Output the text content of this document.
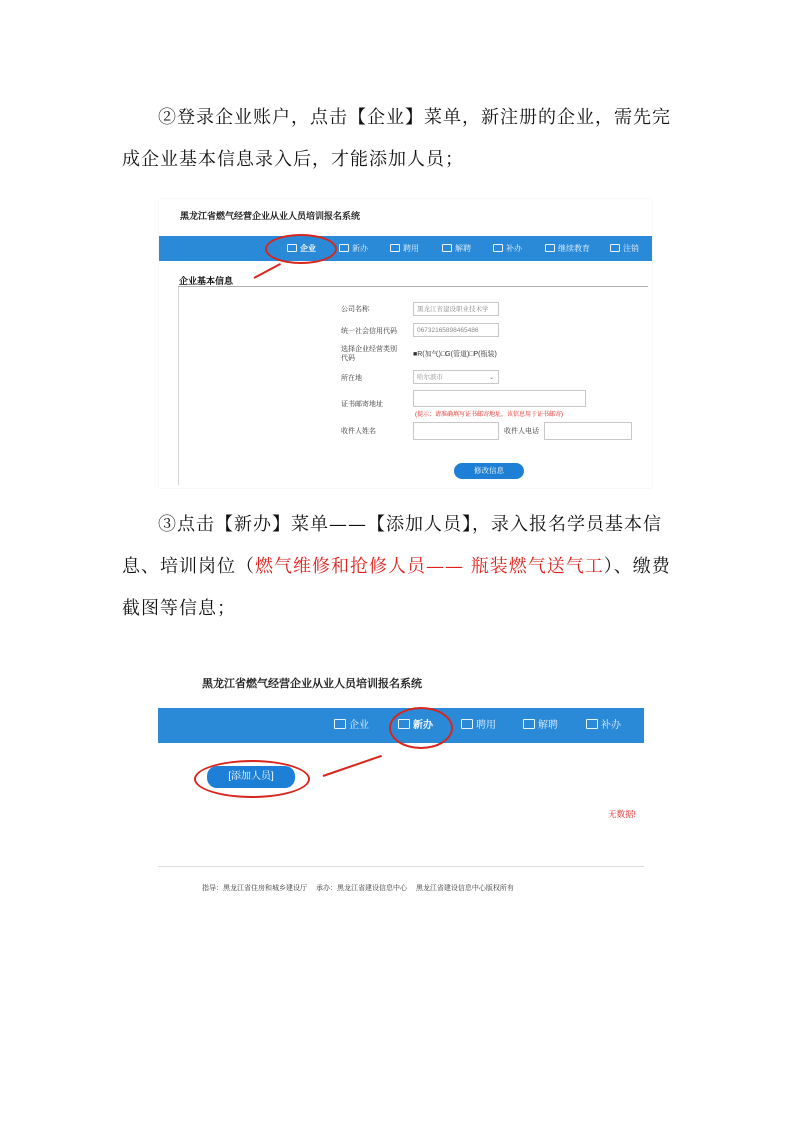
②登录企业账户，点击【企业】菜单，新注册的企业，需先完
成企业基本信息录入后，才能添加人员；
黑龙江省燃气经营企业从业人员培训报名系统
企业	新办	聘用	解聘	补办	继续教育	注销
企业基本信息
公司名称	黑龙江省建设职业技术学
统一社会信用代码	0673216589846548​6
选择企业经营类别
代码
■R(加气)□G(管道)□P(瓶装)
所在地	哈尔滨市	⌄
证书邮寄地址
(提示：请准确填写证书邮寄地址，该信息用于证书邮寄)
收件人姓名	收件人电话
修改信息
③点击【新办】菜单——【添加人员】，录入报名学员基本信
息、培训岗位（燃气维修和抢修人员—— 瓶装燃气送气工）、缴费
截图等信息；
黑龙江省燃气经营企业从业人员培训报名系统
企业	新办	聘用	解聘	补办
[添加人员]
无数据!
指导：黑龙江省住房和城乡建设厅　 承办：黑龙江省建设信息中心　 黑龙江省建设信息中心版权所有
